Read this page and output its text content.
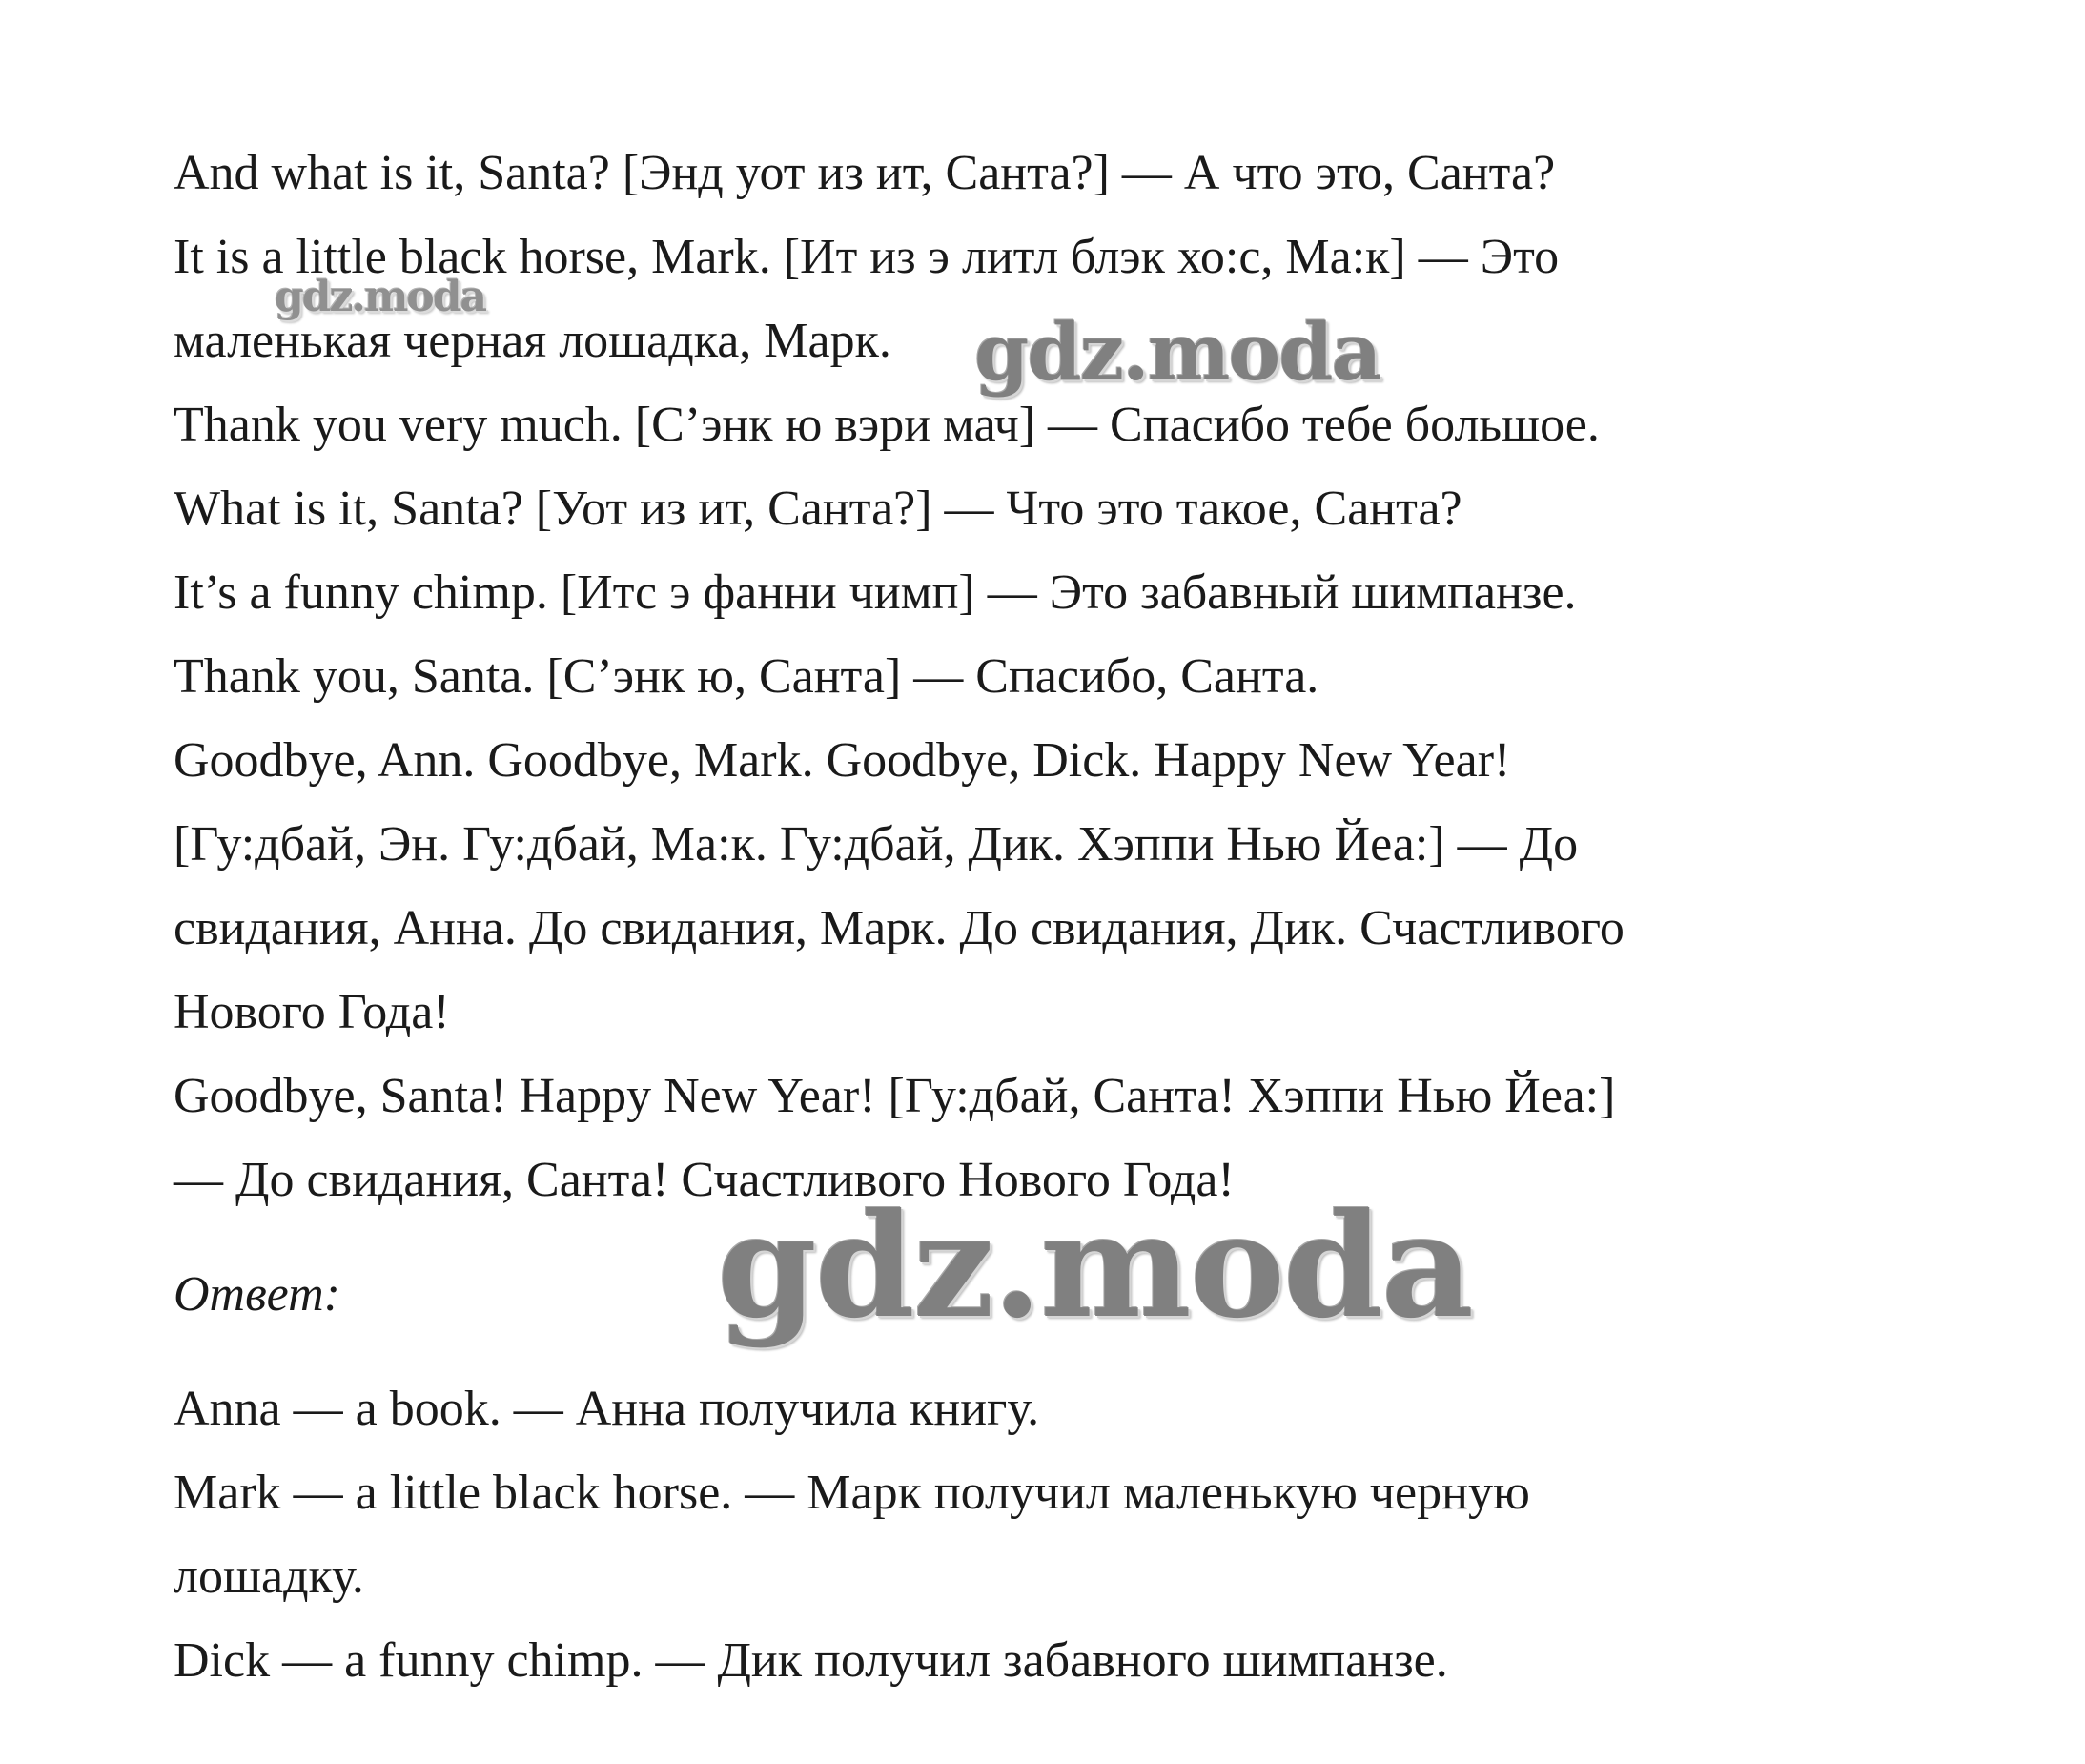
And what is it, Santa? [Энд уот из ит, Санта?] — А что это, Санта?
It is a little black horse, Mark. [Ит из э литл блэк хо:с, Ма:к] — Это
маленькая черная лошадка, Марк.
Thank you very much. [С’энк ю вэри мач] — Спасибо тебе большое.
What is it, Santa? [Уот из ит, Санта?] — Что это такое, Санта?
It’s a funny chimp. [Итс э фанни чимп] — Это забавный шимпанзе.
Thank you, Santa. [С’энк ю, Санта] — Спасибо, Санта.
Goodbye, Ann. Goodbye, Mark. Goodbye, Dick. Happy New Year!
[Гу:дбай, Эн. Гу:дбай, Ма:к. Гу:дбай, Дик. Хэппи Нью Йеа:] — До
свидания, Анна. До свидания, Марк. До свидания, Дик. Счастливого
Нового Года!
Goodbye, Santa! Happy New Year! [Гу:дбай, Санта! Хэппи Нью Йеа:]
— До свидания, Санта! Счастливого Нового Года!
Ответ:
Anna — a book. — Анна получила книгу.
Mark — a little black horse. — Марк получил маленькую черную
лошадку.
Dick — a funny chimp. — Дик получил забавного шимпанзе.
gdz.moda
gdz.moda
gdz.moda
